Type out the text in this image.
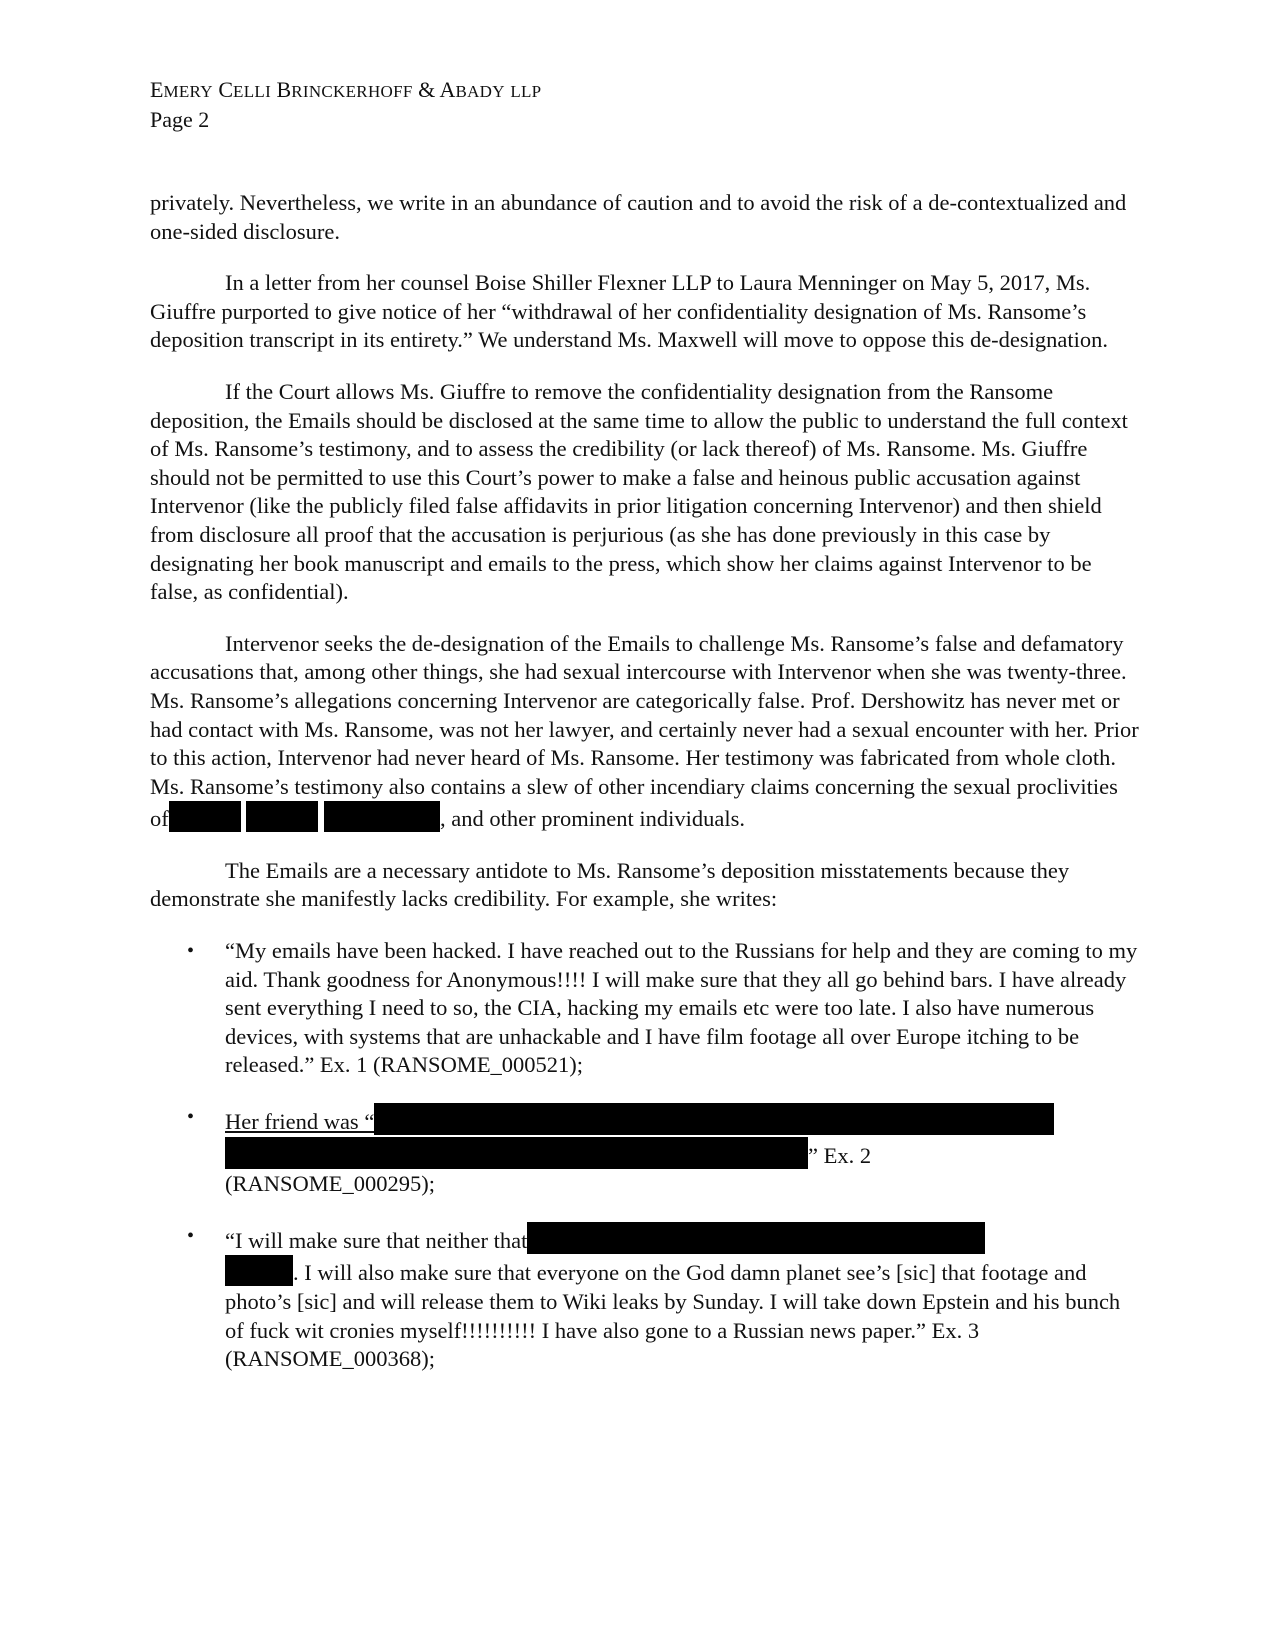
EMERY CELLI BRINCKERHOFF & ABADY LLP
Page 2

privately. Nevertheless, we write in an abundance of caution and to avoid the risk of a de-contextualized and one-sided disclosure.

In a letter from her counsel Boise Shiller Flexner LLP to Laura Menninger on May 5, 2017, Ms. Giuffre purported to give notice of her “withdrawal of her confidentiality designation of Ms. Ransome’s deposition transcript in its entirety.” We understand Ms. Maxwell will move to oppose this de-designation.

If the Court allows Ms. Giuffre to remove the confidentiality designation from the Ransome deposition, the Emails should be disclosed at the same time to allow the public to understand the full context of Ms. Ransome’s testimony, and to assess the credibility (or lack thereof) of Ms. Ransome. Ms. Giuffre should not be permitted to use this Court’s power to make a false and heinous public accusation against Intervenor (like the publicly filed false affidavits in prior litigation concerning Intervenor) and then shield from disclosure all proof that the accusation is perjurious (as she has done previously in this case by designating her book manuscript and emails to the press, which show her claims against Intervenor to be false, as confidential).

Intervenor seeks the de-designation of the Emails to challenge Ms. Ransome’s false and defamatory accusations that, among other things, she had sexual intercourse with Intervenor when she was twenty-three. Ms. Ransome’s allegations concerning Intervenor are categorically false. Prof. Dershowitz has never met or had contact with Ms. Ransome, was not her lawyer, and certainly never had a sexual encounter with her. Prior to this action, Intervenor had never heard of Ms. Ransome. Her testimony was fabricated from whole cloth. Ms. Ransome’s testimony also contains a slew of other incendiary claims concerning the sexual proclivities of	, and other prominent individuals.

The Emails are a necessary antidote to Ms. Ransome’s deposition misstatements because they demonstrate she manifestly lacks credibility. For example, she writes:

• “My emails have been hacked. I have reached out to the Russians for help and they are coming to my aid. Thank goodness for Anonymous!!!! I will make sure that they all go behind bars. I have already sent everything I need to so, the CIA, hacking my emails etc were too late. I also have numerous devices, with systems that are unhackable and I have film footage all over Europe itching to be released.” Ex. 1 (RANSOME_000521);
• Her friend was “
” Ex. 2
(RANSOME_000295);
• “I will make sure that neither that
. I will also make sure that everyone on the God damn planet see’s [sic] that footage and photo’s [sic] and will release them to Wiki leaks by Sunday. I will take down Epstein and his bunch of fuck wit cronies myself!!!!!!!!!! I have also gone to a Russian news paper.” Ex. 3 (RANSOME_000368);
